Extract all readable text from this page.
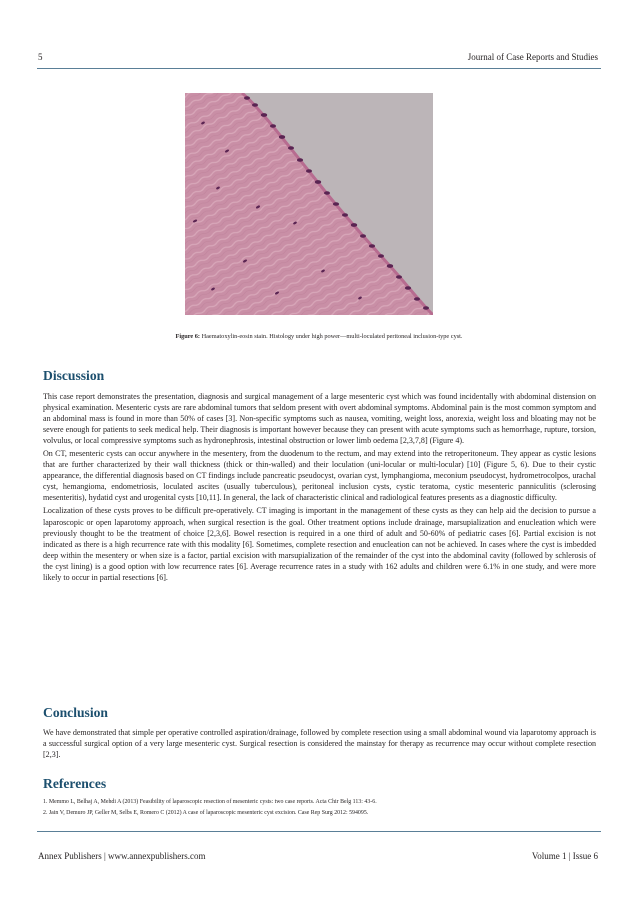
5	Journal of Case Reports and Studies
Figure 6: Haematoxylin-eosin stain. Histology under high power—multi-loculated peritoneal inclusion-type cyst.
Discussion

This case report demonstrates the presentation, diagnosis and surgical management of a large mesenteric cyst which was found incidentally with abdominal distension on physical examination. Mesenteric cysts are rare abdominal tumors that seldom present with overt abdominal symptoms. Abdominal pain is the most common symptom and an abdominal mass is found in more than 50% of cases [3]. Non-specific symptoms such as nausea, vomiting, weight loss, anorexia, weight loss and bloating may not be severe enough for patients to seek medical help. Their diagnosis is important however because they can present with acute symptoms such as hemorrhage, rupture, torsion, volvulus, or local compressive symptoms such as hydronephrosis, intestinal obstruction or lower limb oedema [2,3,7,8] (Figure 4).

On CT, mesenteric cysts can occur anywhere in the mesentery, from the duodenum to the rectum, and may extend into the retroperitoneum. They appear as cystic lesions that are further characterized by their wall thickness (thick or thin-walled) and their loculation (uni-locular or multi-locular) [10] (Figure 5, 6). Due to their cystic appearance, the differential diagnosis based on CT findings include pancreatic pseudocyst, ovarian cyst, lymphangioma, meconium pseudocyst, hydrometrocolpos, urachal cyst, hemangioma, endometriosis, loculated ascites (usually tuberculous), peritoneal inclusion cysts, cystic teratoma, cystic mesenteric panniculitis (sclerosing mesenteritis), hydatid cyst and urogenital cysts [10,11]. In general, the lack of characteristic clinical and radiological features presents as a diagnostic difficulty.

Localization of these cysts proves to be difficult pre-operatively. CT imaging is important in the management of these cysts as they can help aid the decision to pursue a laparoscopic or open laparotomy approach, when surgical resection is the goal. Other treatment options include drainage, marsupialization and enucleation which were previously thought to be the treatment of choice [2,3,6]. Bowel resection is required in a one third of adult and 50-60% of pediatric cases [6]. Partial excision is not indicated as there is a high recurrence rate with this modality [6]. Sometimes, complete resection and enucleation can not be achieved. In cases where the cyst is imbedded deep within the mesentery or when size is a factor, partial excision with marsupialization of the remainder of the cyst into the abdominal cavity (followed by schlerosis of the cyst lining) is a good option with low recurrence rates [6]. Average recurrence rates in a study with 162 adults and children were 6.1% in one study, and were more likely to occur in partial resections [6].

Conclusion

We have demonstrated that simple per operative controlled aspiration/drainage, followed by complete resection using a small abdominal wound via laparotomy approach is a successful surgical option of a very large mesenteric cyst. Surgical resection is considered the mainstay for therapy as recurrence may occur without complete resection [2,3].

References

1. Memmo L, Belhaj A, Mehdi A (2013) Feasibility of laparoscopic resection of mesenteric cysts: two case reports. Acta Chir Belg 113: 43-6.

2. Jain V, Demuro JP, Geller M, Selbs E, Romero C (2012) A case of laparoscopic mesenteric cyst excision. Case Rep Surg 2012: 594095.

Annex Publishers | www.annexpublishers.com	Volume 1 | Issue 6
